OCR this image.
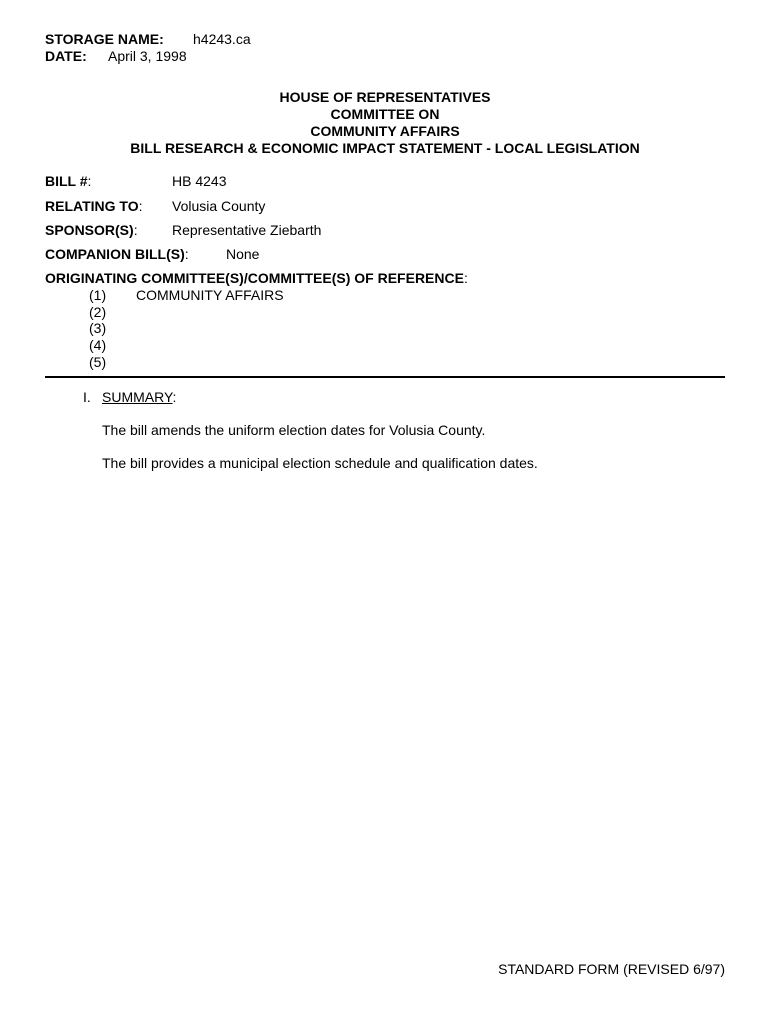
STORAGE NAME: h4243.ca
DATE: April 3, 1998
HOUSE OF REPRESENTATIVES
COMMITTEE ON
COMMUNITY AFFAIRS
BILL RESEARCH & ECONOMIC IMPACT STATEMENT - LOCAL LEGISLATION
BILL #:	HB 4243
RELATING TO: Volusia County
SPONSOR(S): Representative Ziebarth
COMPANION BILL(S):	None
ORIGINATING COMMITTEE(S)/COMMITTEE(S) OF REFERENCE:
(1) COMMUNITY AFFAIRS
(2)
(3)
(4)
(5)
I. SUMMARY:
The bill amends the uniform election dates for Volusia County.
The bill provides a municipal election schedule and qualification dates.
STANDARD FORM (REVISED 6/97)
